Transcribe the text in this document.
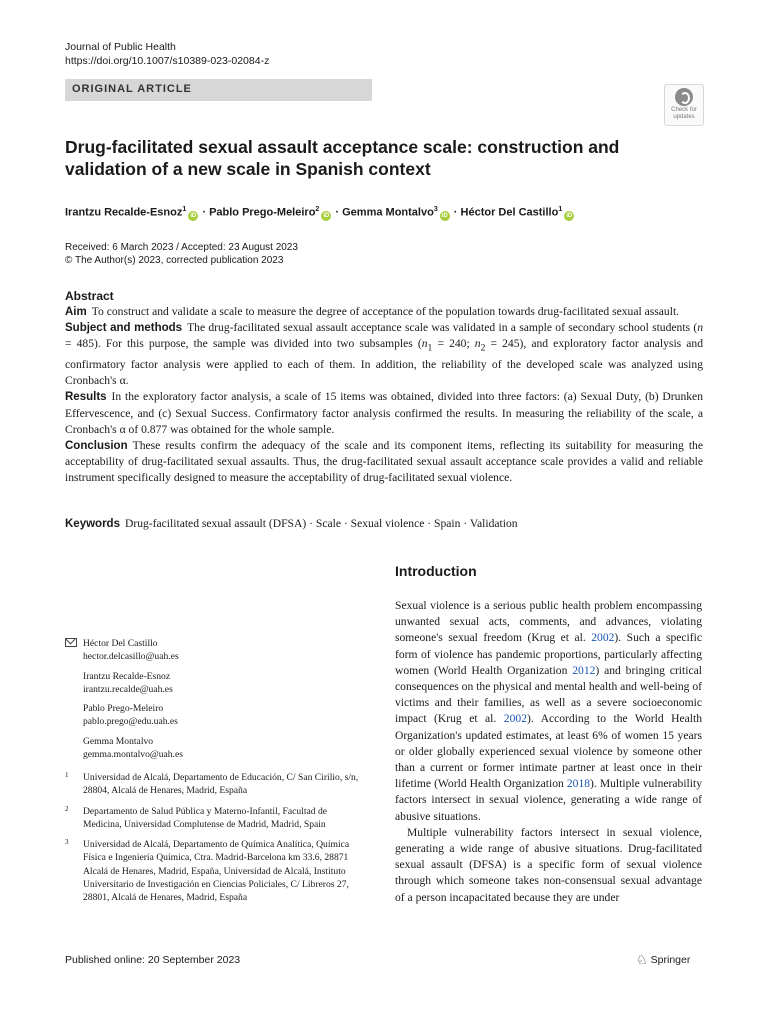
Journal of Public Health
https://doi.org/10.1007/s10389-023-02084-z
ORIGINAL ARTICLE
Check for
updates
Drug-facilitated sexual assault acceptance scale: construction and validation of a new scale in Spanish context
Irantzu Recalde-Esnoz$^1$iD · Pablo Prego-Meleiro$^2$iD · Gemma Montalvo$^3$iD · Héctor Del Castillo$^1$iD
Received: 6 March 2023 / Accepted: 23 August 2023
© The Author(s) 2023, corrected publication 2023
Abstract

Aim To construct and validate a scale to measure the degree of acceptance of the population towards drug-facilitated sexual assault.

Subject and methods The drug-facilitated sexual assault acceptance scale was validated in a sample of secondary school students (n = 485). For this purpose, the sample was divided into two subsamples ($n_1 = 240$; $n_2 = 245$), and exploratory factor analysis and confirmatory factor analysis were applied to each of them. In addition, the reliability of the developed scale was analyzed using Cronbach's α.

Results In the exploratory factor analysis, a scale of 15 items was obtained, divided into three factors: (a) Sexual Duty, (b) Drunken Effervescence, and (c) Sexual Success. Confirmatory factor analysis confirmed the results. In measuring the reliability of the scale, a Cronbach's α of 0.877 was obtained for the whole sample.

Conclusion These results confirm the adequacy of the scale and its component items, reflecting its suitability for measuring the acceptability of drug-facilitated sexual assaults. Thus, the drug-facilitated sexual assault acceptance scale provides a valid and reliable instrument specifically designed to measure the acceptability of drug-facilitated sexual violence.

Keywords Drug-facilitated sexual assault (DFSA) · Scale · Sexual violence · Spain · Validation
Introduction

Sexual violence is a serious public health problem encompassing unwanted sexual acts, comments, and advances, violating someone's sexual freedom (Krug et al. 2002). Such a specific form of violence has pandemic proportions, particularly affecting women (World Health Organization 2012) and bringing critical consequences on the physical and mental health and well-being of victims and their families, as well as a severe socioeconomic impact (Krug et al. 2002). According to the World Health Organization's updated estimates, at least 6% of women 15 years or older globally experienced sexual violence by someone other than a current or former intimate partner at least once in their lifetime (World Health Organization 2018). Multiple vulnerability factors intersect in sexual violence, generating a wide range of abusive situations.

Multiple vulnerability factors intersect in sexual violence, generating a wide range of abusive situations. Drug-facilitated sexual assault (DFSA) is a specific form of sexual violence through which someone takes non-consensual sexual advantage of a person incapacitated because they are under

Héctor Del Castillo
hector.delcasillo@uah.es
Irantzu Recalde-Esnoz
irantzu.recalde@uah.es
Pablo Prego-Meleiro
pablo.prego@edu.uah.es
Gemma Montalvo
gemma.montalvo@uah.es
1 Universidad de Alcalá, Departamento de Educación, C/ San Cirilio, s/n, 28804, Alcalá de Henares, Madrid, España
2 Departamento de Salud Pública y Materno-Infantil, Facultad de Medicina, Universidad Complutense de Madrid, Madrid, Spain
3 Universidad de Alcalá, Departamento de Química Analítica, Química Física e Ingeniería Química, Ctra. Madrid-Barcelona km 33.6, 28871 Alcalá de Henares, Madrid, España, Universidad de Alcalá, Instituto Universitario de Investigación en Ciencias Policiales, C/ Libreros 27, 28801, Alcalá de Henares, Madrid, España
Published online: 20 September 2023	♘ Springer
